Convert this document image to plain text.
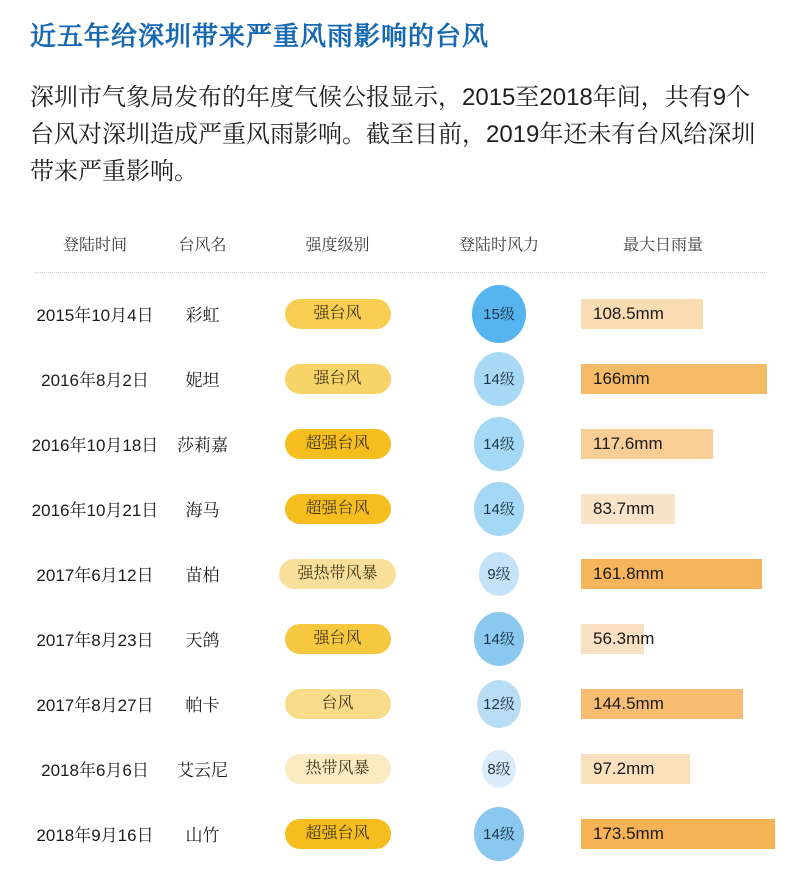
近五年给深圳带来严重风雨影响的台风
深圳市气象局发布的年度气候公报显示，2015至2018年间，共有9个台风对深圳造成严重风雨影响。截至目前，2019年还未有台风给深圳带来严重影响。
登陆时间	台风名	强度级别	登陆时风力	最大日雨量
2015年10月4日	彩虹	强台风	15级	108.5mm
2016年8月2日	妮坦	强台风	14级	166mm
2016年10月18日	莎莉嘉	超强台风	14级	117.6mm
2016年10月21日	海马	超强台风	14级	83.7mm
2017年6月12日	苗柏	强热带风暴	9级	161.8mm
2017年8月23日	天鸽	强台风	14级	56.3mm
2017年8月27日	帕卡	台风	12级	144.5mm
2018年6月6日	艾云尼	热带风暴	8级	97.2mm
2018年9月16日	山竹	超强台风	14级	173.5mm
